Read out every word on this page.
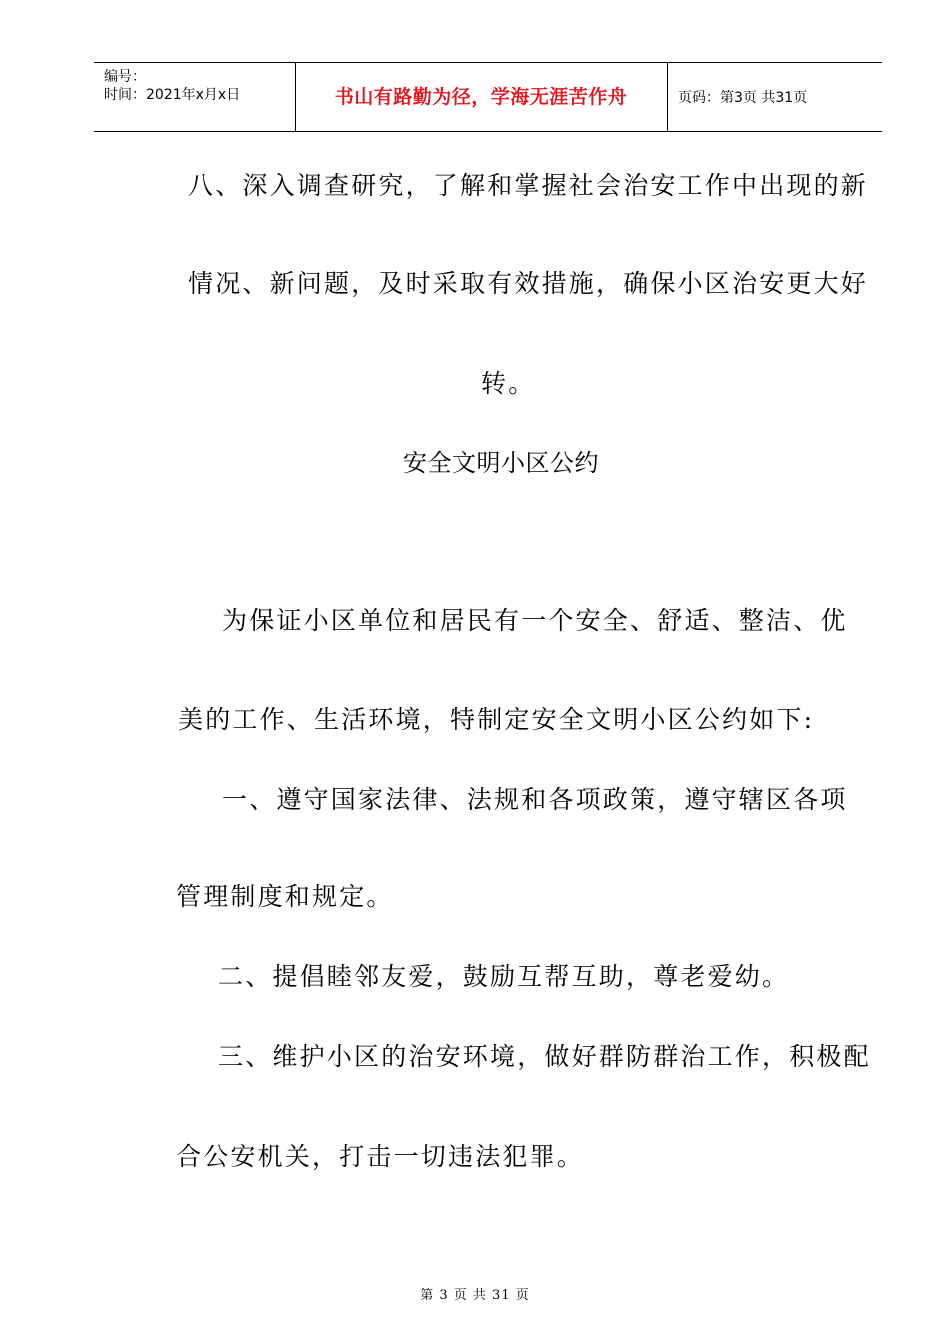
编号：
时间：2021年x月x日	书山有路勤为径，学海无涯苦作舟	页码：第3页 共31页
八、深入调查研究，了解和掌握社会治安工作中出现的新
情况、新问题，及时采取有效措施，确保小区治安更大好
转。
安全文明小区公约
为保证小区单位和居民有一个安全、舒适、整洁、优
美的工作、生活环境，特制定安全文明小区公约如下:
一、遵守国家法律、法规和各项政策，遵守辖区各项
管理制度和规定。
二、提倡睦邻友爱，鼓励互帮互助，尊老爱幼。
三、维护小区的治安环境，做好群防群治工作，积极配
合公安机关，打击一切违法犯罪。
第 3 页 共 31 页
